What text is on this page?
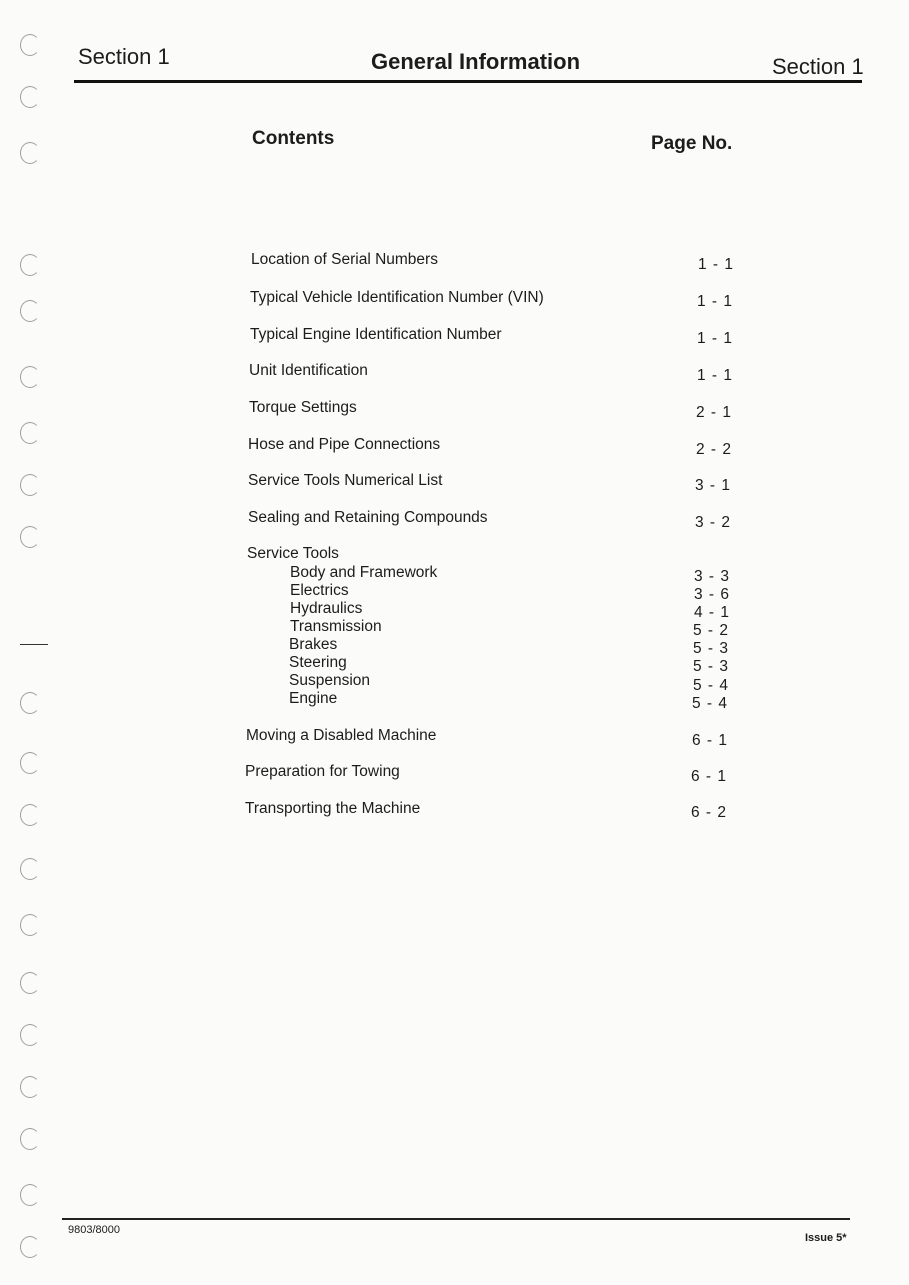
Section 1	General Information	Section 1
Contents	Page No.
Location of Serial Numbers	1 - 1
Typical Vehicle Identification Number (VIN)	1 - 1
Typical Engine Identification Number	1 - 1
Unit Identification	1 - 1
Torque Settings	2 - 1
Hose and Pipe Connections	2 - 2
Service Tools Numerical List	3 - 1
Sealing and Retaining Compounds	3 - 2
Service Tools
Body and Framework	3 - 3
Electrics	3 - 6
Hydraulics	4 - 1
Transmission	5 - 2
Brakes	5 - 3
Steering	5 - 3
Suspension	5 - 4
Engine	5 - 4
Moving a Disabled Machine	6 - 1
Preparation for Towing	6 - 1
Transporting the Machine	6 - 2
9803/8000
Issue 5*
